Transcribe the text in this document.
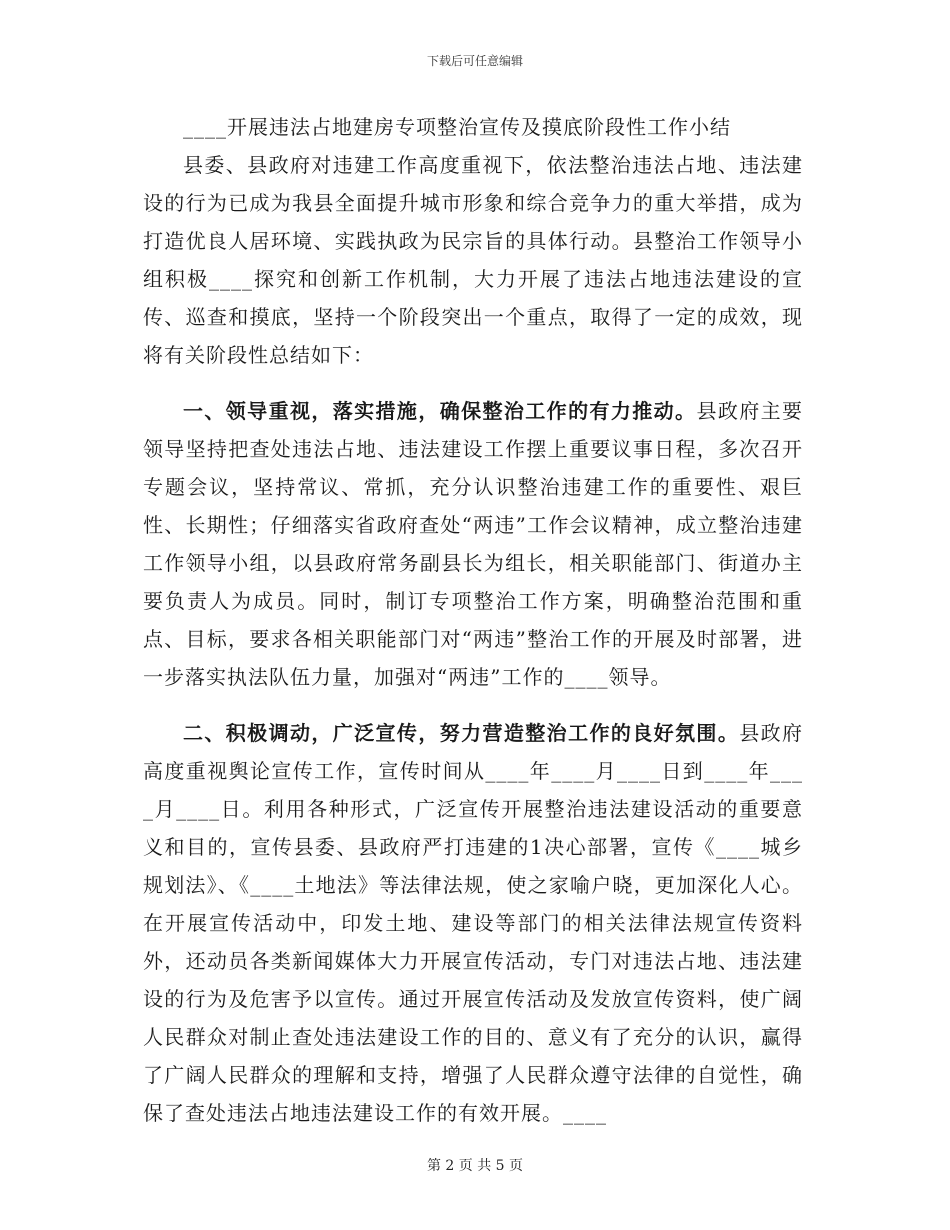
下载后可任意编辑
____开展违法占地建房专项整治宣传及摸底阶段性工作小结

县委、县政府对违建工作高度重视下，依法整治违法占地、违法建设的行为已成为我县全面提升城市形象和综合竞争力的重大举措，成为打造优良人居环境、实践执政为民宗旨的具体行动。县整治工作领导小组积极____探究和创新工作机制，大力开展了违法占地违法建设的宣传、巡查和摸底，坚持一个阶段突出一个重点，取得了一定的成效，现将有关阶段性总结如下：

一、领导重视，落实措施，确保整治工作的有力推动。县政府主要领导坚持把查处违法占地、违法建设工作摆上重要议事日程，多次召开专题会议，坚持常议、常抓，充分认识整治违建工作的重要性、艰巨性、长期性；仔细落实省政府查处“两违”工作会议精神，成立整治违建工作领导小组，以县政府常务副县长为组长，相关职能部门、街道办主要负责人为成员。同时，制订专项整治工作方案，明确整治范围和重点、目标，要求各相关职能部门对“两违”整治工作的开展及时部署，进一步落实执法队伍力量，加强对“两违”工作的____领导。

二、积极调动，广泛宣传，努力营造整治工作的良好氛围。县政府高度重视舆论宣传工作，宣传时间从____年____月____日到____年____月____日。利用各种形式，广泛宣传开展整治违法建设活动的重要意义和目的，宣传县委、县政府严打违建的1决心部署，宣传《____城乡规划法》、《____土地法》等法律法规，使之家喻户晓，更加深化人心。在开展宣传活动中，印发土地、建设等部门的相关法律法规宣传资料外，还动员各类新闻媒体大力开展宣传活动，专门对违法占地、违法建设的行为及危害予以宣传。通过开展宣传活动及发放宣传资料，使广阔人民群众对制止查处违法建设工作的目的、意义有了充分的认识，赢得了广阔人民群众的理解和支持，增强了人民群众遵守法律的自觉性，确保了查处违法占地违法建设工作的有效开展。____

第 2 页 共 5 页
